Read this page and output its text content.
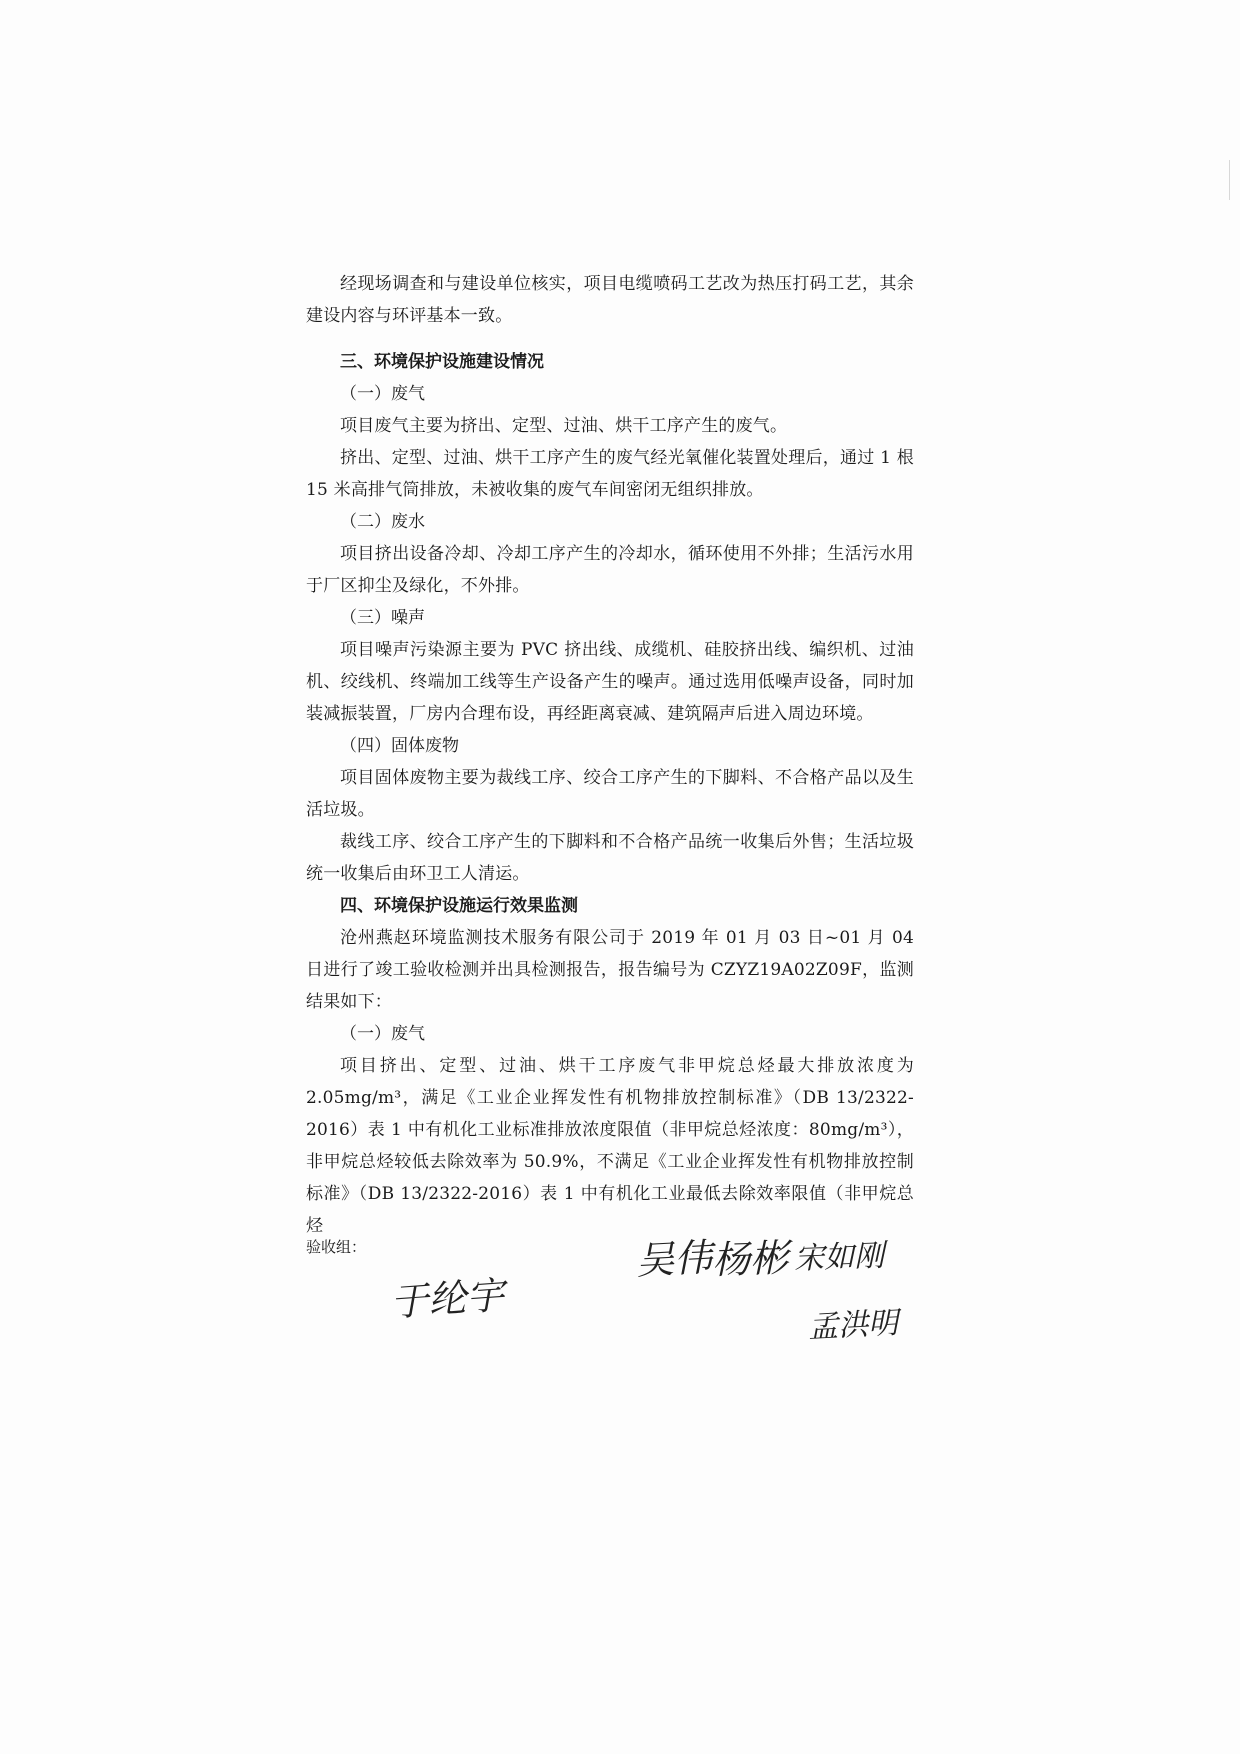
经现场调查和与建设单位核实，项目电缆喷码工艺改为热压打码工艺，其余建设内容与环评基本一致。

三、环境保护设施建设情况

（一）废气

项目废气主要为挤出、定型、过油、烘干工序产生的废气。

挤出、定型、过油、烘干工序产生的废气经光氧催化装置处理后，通过 1 根 15 米高排气筒排放，未被收集的废气车间密闭无组织排放。

（二）废水

项目挤出设备冷却、冷却工序产生的冷却水，循环使用不外排；生活污水用于厂区抑尘及绿化，不外排。

（三）噪声

项目噪声污染源主要为 PVC 挤出线、成缆机、硅胶挤出线、编织机、过油机、绞线机、终端加工线等生产设备产生的噪声。通过选用低噪声设备，同时加装减振装置，厂房内合理布设，再经距离衰减、建筑隔声后进入周边环境。

（四）固体废物

项目固体废物主要为裁线工序、绞合工序产生的下脚料、不合格产品以及生活垃圾。

裁线工序、绞合工序产生的下脚料和不合格产品统一收集后外售；生活垃圾统一收集后由环卫工人清运。

四、环境保护设施运行效果监测

沧州燕赵环境监测技术服务有限公司于 2019 年 01 月 03 日~01 月 04 日进行了竣工验收检测并出具检测报告，报告编号为 CZYZ19A02Z09F，监测结果如下：

（一）废气

项目挤出、定型、过油、烘干工序废气非甲烷总烃最大排放浓度为 2.05mg/m³，满足《工业企业挥发性有机物排放控制标准》（DB 13/2322-2016）表 1 中有机化工业标准排放浓度限值（非甲烷总烃浓度：80mg/m³），非甲烷总烃较低去除效率为 50.9%，不满足《工业企业挥发性有机物排放控制标准》（DB 13/2322-2016）表 1 中有机化工业最低去除效率限值（非甲烷总烃

验收组：

于纶宇
吴伟
杨彬 宋如刚
孟洪明
